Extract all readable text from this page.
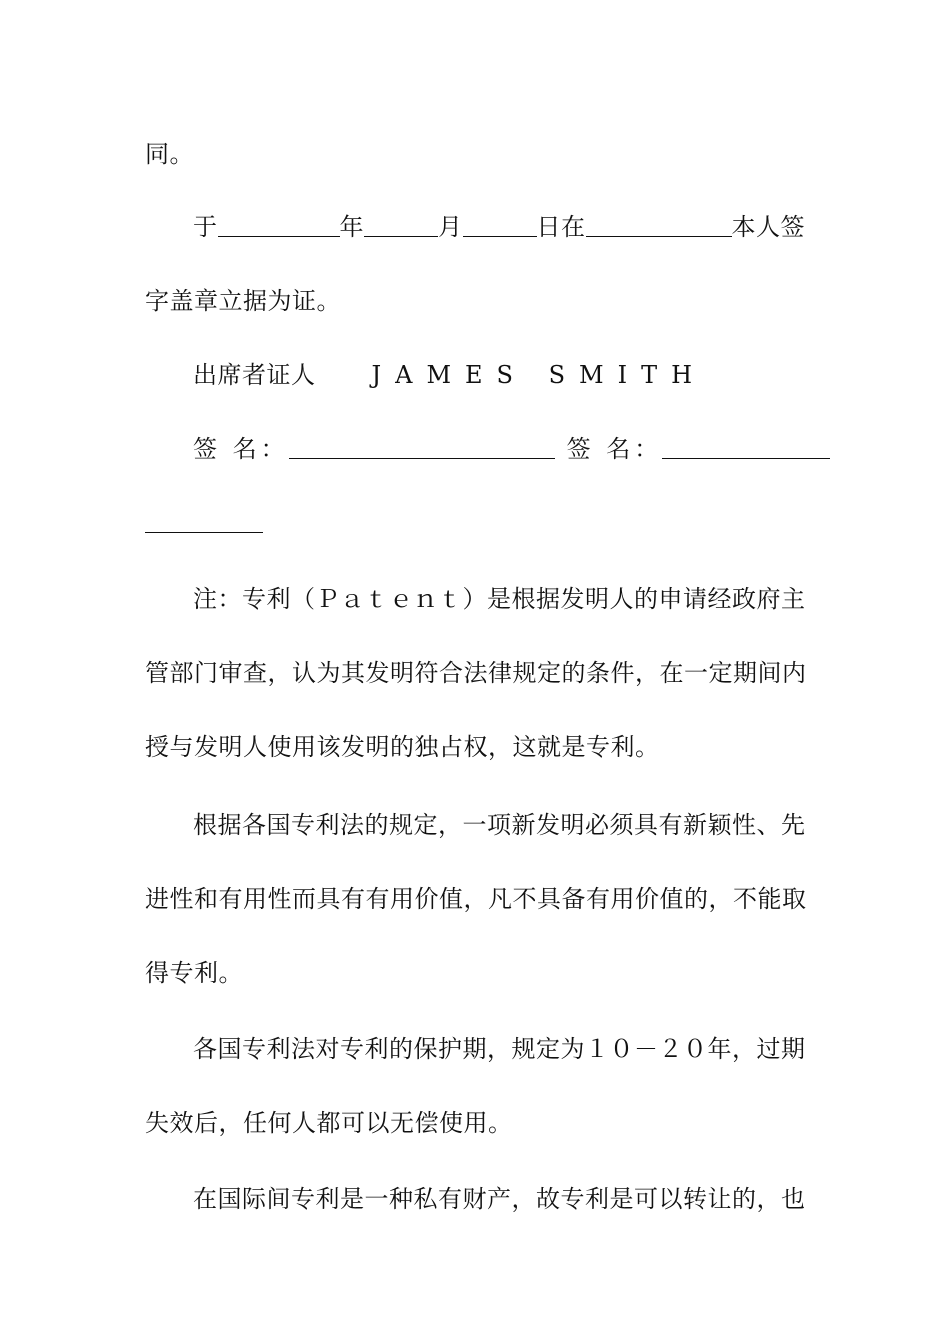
同。
于	年	月	日在	本人签
字盖章立据为证。
出席者证人 JAMES SMITH
签 名：	签 名：
注：专利（Ｐａｔｅｎｔ）是根据发明人的申请经政府主
管部门审查，认为其发明符合法律规定的条件，在一定期间内
授与发明人使用该发明的独占权，这就是专利。
根据各国专利法的规定，一项新发明必须具有新颖性、先
进性和有用性而具有有用价值，凡不具备有用价值的，不能取
得专利。
各国专利法对专利的保护期，规定为１０－２０年，过期
失效后，任何人都可以无偿使用。
在国际间专利是一种私有财产，故专利是可以转让的，也
